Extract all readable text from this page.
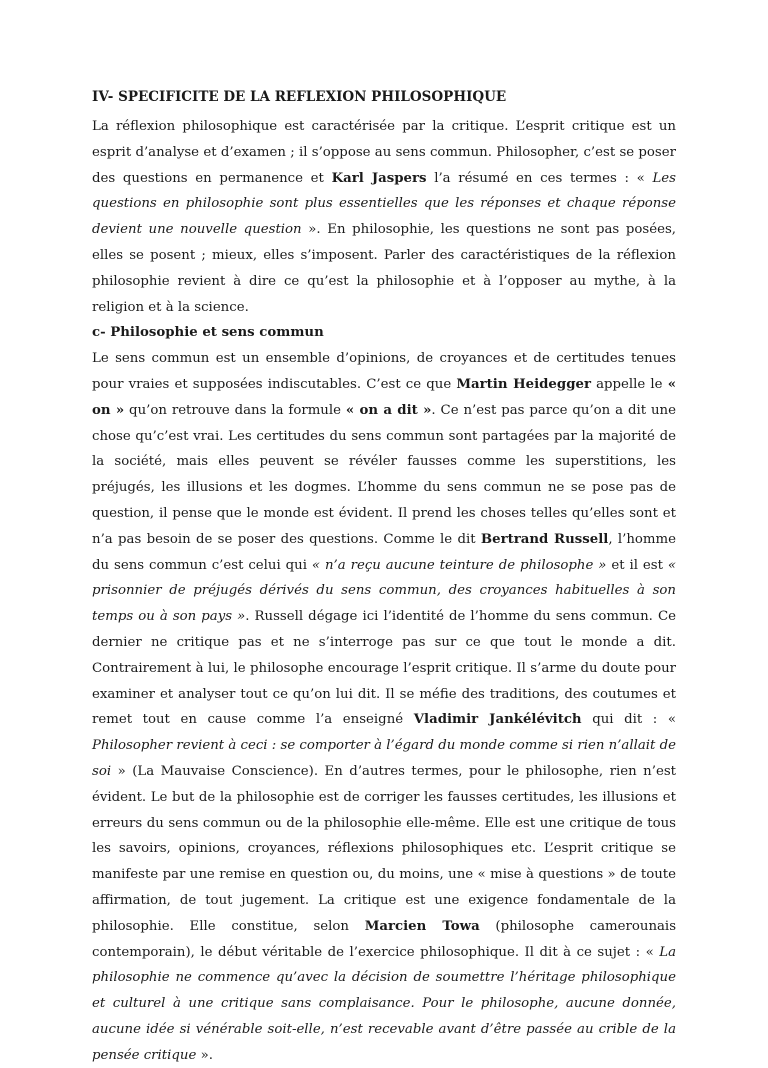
IV- SPECIFICITE DE LA REFLEXION PHILOSOPHIQUE

La réflexion philosophique est caractérisée par la critique. L’esprit critique est un esprit d’analyse et d’examen ; il s’oppose au sens commun. Philosopher, c’est se poser des questions en permanence et Karl Jaspers l’a résumé en ces termes : « Les questions en philosophie sont plus essentielles que les réponses et chaque réponse devient une nouvelle question ». En philosophie, les questions ne sont pas posées, elles se posent ; mieux, elles s’imposent. Parler des caractéristiques de la réflexion philosophie revient à dire ce qu’est la philosophie et à l’opposer au mythe, à la religion et à la science.

c- Philosophie et sens commun

Le sens commun est un ensemble d’opinions, de croyances et de certitudes tenues pour vraies et supposées indiscutables. C’est ce que Martin Heidegger appelle le « on » qu’on retrouve dans la formule « on a dit ». Ce n’est pas parce qu’on a dit une chose qu’c’est vrai. Les certitudes du sens commun sont partagées par la majorité de la société, mais elles peuvent se révéler fausses comme les superstitions, les préjugés, les illusions et les dogmes. L’homme du sens commun ne se pose pas de question, il pense que le monde est évident. Il prend les choses telles qu’elles sont et n’a pas besoin de se poser des questions. Comme le dit Bertrand Russell, l’homme du sens commun c’est celui qui « n’a reçu aucune teinture de philosophe » et il est « prisonnier de préjugés dérivés du sens commun, des croyances habituelles à son temps ou à son pays ». Russell dégage ici l’identité de l’homme du sens commun. Ce dernier ne critique pas et ne s’interroge pas sur ce que tout le monde a dit. Contrairement à lui, le philosophe encourage l’esprit critique. Il s’arme du doute pour examiner et analyser tout ce qu’on lui dit. Il se méfie des traditions, des coutumes et remet tout en cause comme l’a enseigné Vladimir Jankélévitch qui dit : « Philosopher revient à ceci : se comporter à l’égard du monde comme si rien n’allait de soi » (La Mauvaise Conscience). En d’autres termes, pour le philosophe, rien n’est évident. Le but de la philosophie est de corriger les fausses certitudes, les illusions et erreurs du sens commun ou de la philosophie elle-même. Elle est une critique de tous les savoirs, opinions, croyances, réflexions philosophiques etc. L’esprit critique se manifeste par une remise en question ou, du moins, une « mise à questions » de toute affirmation, de tout jugement. La critique est une exigence fondamentale de la philosophie. Elle constitue, selon Marcien Towa (philosophe camerounais contemporain), le début véritable de l’exercice philosophique. Il dit à ce sujet : « La philosophie ne commence qu’avec la décision de soumettre l’héritage philosophique et culturel à une critique sans complaisance. Pour le philosophe, aucune donnée, aucune idée si vénérable soit-elle, n’est recevable avant d’être passée au crible de la pensée critique ».
